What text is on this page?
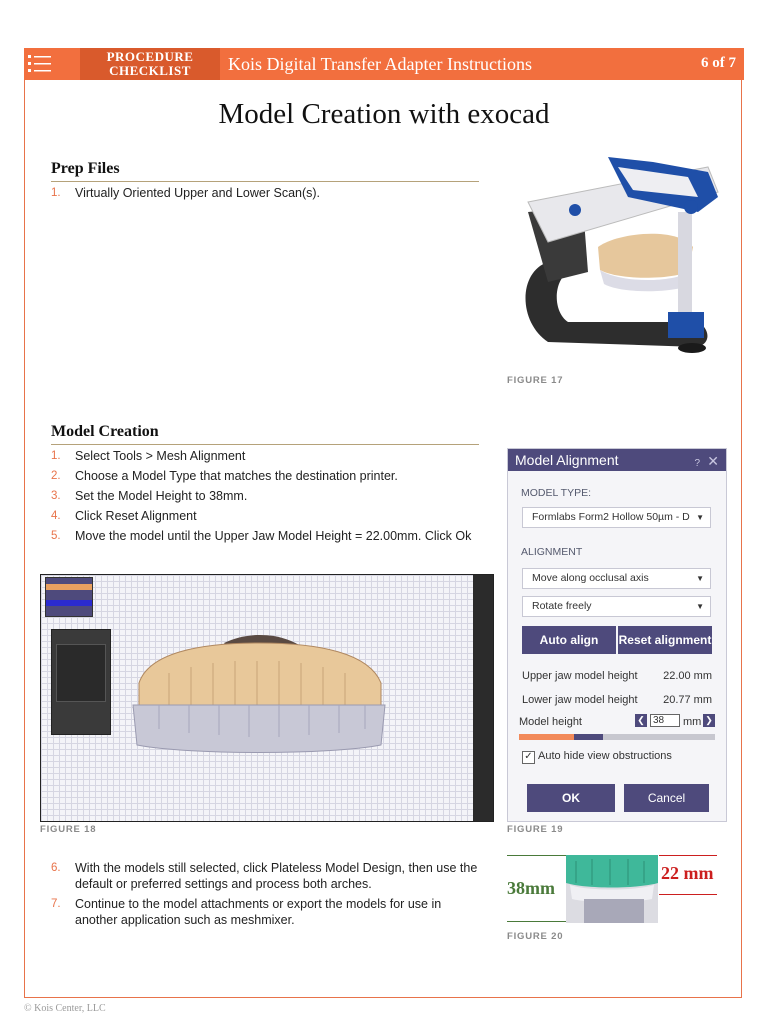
PROCEDURE
CHECKLIST	Kois Digital Transfer Adapter Instructions	6 of 7
Model Creation with exocad
Prep Files
1. Virtually Oriented Upper and Lower Scan(s).
FIGURE 17
Model Creation
1. Select Tools > Mesh Alignment
2. Choose a Model Type that matches the destination printer.
3. Set the Model Height to 38mm.
4. Click Reset Alignment
5. Move the model until the Upper Jaw Model Height = 22.00mm. Click Ok
FIGURE 18
Model Alignment	? ✕
MODEL TYPE:
Formlabs Form2 Hollow 50µm - D ▼
ALIGNMENT
Move along occlusal axis	▼
Rotate freely	▼
Auto align	Reset alignment
Upper jaw model height 22.00 mm
Lower jaw model height 20.77 mm
Model height	❮ 38	mm ❯
✓ Auto hide view obstructions
OK	Cancel
FIGURE 19
6. With the models still selected, click Plateless Model Design, then use the default or preferred settings and process both arches.
7. Continue to the model attachments or export the models for use in another application such as meshmixer.
38mm
22 mm
FIGURE 20
© Kois Center, LLC
